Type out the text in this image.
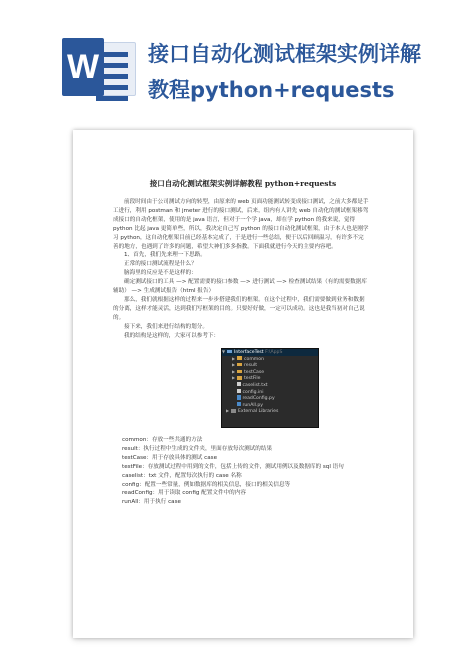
W 接口自动化测试框架实例详解
教程python+requests
接口自动化测试框架实例详解教程 python+requests

前段时间由于公司测试方向的转型，由原来的 web 页面功能测试转变成接口测试，之前大多都是手工进行，利用 postman 和 jmeter 进行的接口测试，后来，组内有人讲先 web 自动化的测试框架移驾成接口的自动化框架，使用的是 java 语言，但对于一个学 java，却在学 python 的我来说，觉得 python 比起 java 更简单些，所以，我决定自己写 python 的接口自动化测试框架，由于本人也是刚学习 python，这自动化框架目前已经基本完成了，于是进行一些总结，便于以后回顾温习，有许多不完善的地方，也遇到了许多的问题，希望大神们多多指教。下面我就进行今天的主要内容吧。

1、首先，我们先来理一下思路。

正常的接口测试流程是什么？

脑海里的反应是不是这样的：

确定测试接口的工具 —> 配置需要的接口参数 —> 进行测试 —> 检查测试结果（有的需要数据库辅助） —> 生成测试报告（html 报告）

那么，我们就根据这样的过程来一步步搭建我们的框架。在这个过程中，我们需要做到业务和数据的分离，这样才能灵活，达到我们写框架的目的。只要好好做，一定可以成功。这也是我当初对自己说的。

接下来，我们来进行结构的划分。

我的结构是这样的，大家可以参考下：

▼ InterfaceTest F:\AppS
▶ common
▶ result
▶ testCase
▶ testFile
caselist.txt
config.ini
readConfig.py
runAll.py
▶ External Libraries

common：存放一些共通的方法

result：执行过程中生成的文件夹，里面存放每次测试的结果

testCase：用于存放具体的测试 case

testFile：存放测试过程中用到的文件，包括上传的文件，测试用例以及数据库的 sql 语句

caselist：txt 文件，配置每次执行的 case 名称

config：配置一些常量，例如数据库的相关信息，接口的相关信息等

readConfig：用于读取 config 配置文件中的内容

runAll：用于执行 case
